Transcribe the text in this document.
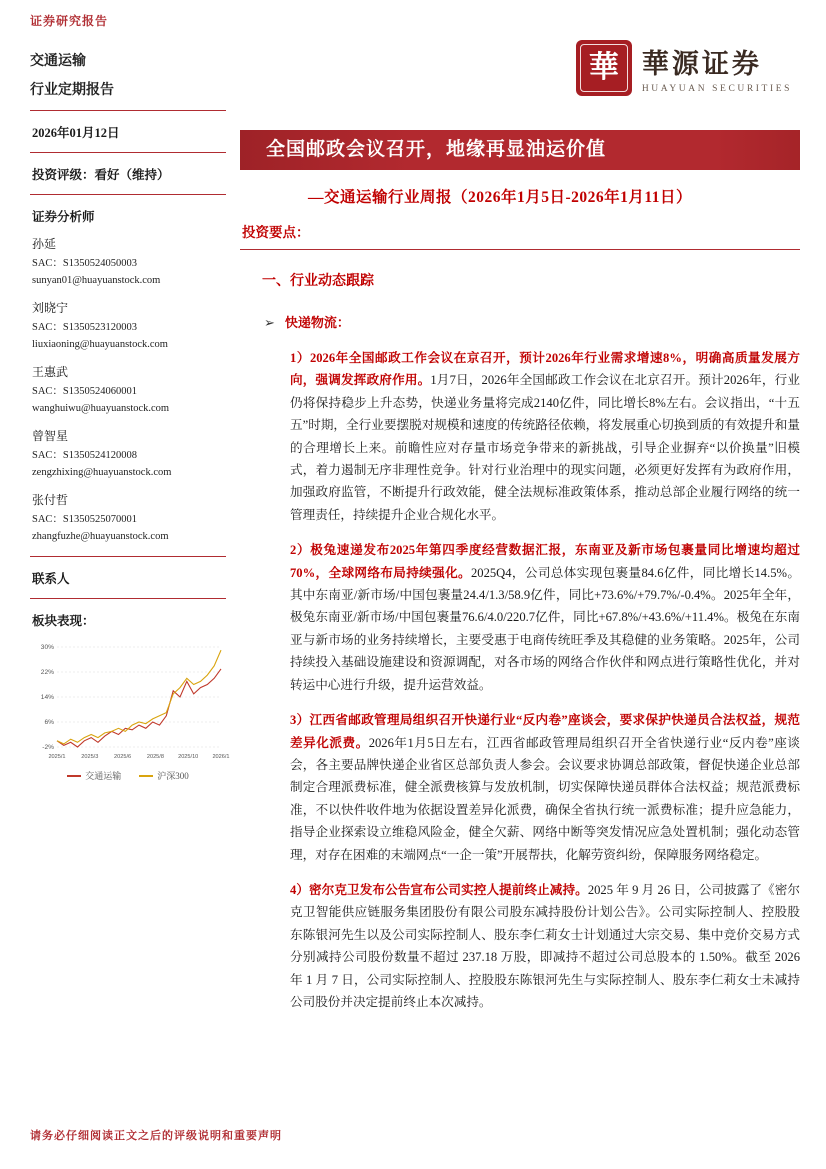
证券研究报告
華 華源证券
HUAYUAN SECURITIES
交通运输
行业定期报告
2026年01月12日
投资评级：看好（维持）
证券分析师
孙延
SAC：S1350524050003
sunyan01@huayuanstock.com
刘晓宁
SAC：S1350523120003
liuxiaoning@huayuanstock.com
王惠武
SAC：S1350524060001
wanghuiwu@huayuanstock.com
曾智星
SAC：S1350524120008
zengzhixing@huayuanstock.com
张付哲
SAC：S1350525070001
zhangfuzhe@huayuanstock.com
联系人
板块表现：
30%
22%
14%
6%
-2%
2025/1	2025/3	2025/6	2025/8	2025/10	2026/1
交通运输	沪深300
全国邮政会议召开，地缘再显油运价值
—交通运输行业周报（2026年1月5日-2026年1月11日）
投资要点：
一、行业动态跟踪
➢ 快递物流：

1）2026年全国邮政工作会议在京召开，预计2026年行业需求增速8%，明确高质量发展方向，强调发挥政府作用。1月7日，2026年全国邮政工作会议在北京召开。预计2026年，行业仍将保持稳步上升态势，快递业务量将完成2140亿件，同比增长8%左右。会议指出，“十五五”时期，全行业要摆脱对规模和速度的传统路径依赖，将发展重心切换到质的有效提升和量的合理增长上来。前瞻性应对存量市场竞争带来的新挑战，引导企业摒弃“以价换量”旧模式，着力遏制无序非理性竞争。针对行业治理中的现实问题，必须更好发挥有为政府作用，加强政府监管，不断提升行政效能，健全法规标准政策体系，推动总部企业履行网络的统一管理责任，持续提升企业合规化水平。

2）极兔速递发布2025年第四季度经营数据汇报，东南亚及新市场包裹量同比增速均超过70%，全球网络布局持续强化。2025Q4，公司总体实现包裹量84.6亿件，同比增长14.5%。其中东南亚/新市场/中国包裹量24.4/1.3/58.9亿件，同比+73.6%/+79.7%/-0.4%。2025年全年，极兔东南亚/新市场/中国包裹量76.6/4.0/220.7亿件，同比+67.8%/+43.6%/+11.4%。极兔在东南亚与新市场的业务持续增长，主要受惠于电商传统旺季及其稳健的业务策略。2025年，公司持续投入基础设施建设和资源调配，对各市场的网络合作伙伴和网点进行策略性优化，并对转运中心进行升级，提升运营效益。

3）江西省邮政管理局组织召开快递行业“反内卷”座谈会，要求保护快递员合法权益，规范差异化派费。2026年1月5日左右，江西省邮政管理局组织召开全省快递行业“反内卷”座谈会，各主要品牌快递企业省区总部负责人参会。会议要求协调总部政策，督促快递企业总部制定合理派费标准，健全派费核算与发放机制，切实保障快递员群体合法权益；规范派费标准，不以快件收件地为依据设置差异化派费，确保全省执行统一派费标准；提升应急能力，指导企业探索设立维稳风险金，健全欠薪、网络中断等突发情况应急处置机制；强化动态管理，对存在困难的末端网点“一企一策”开展帮扶，化解劳资纠纷，保障服务网络稳定。

4）密尔克卫发布公告宣布公司实控人提前终止减持。2025 年 9 月 26 日，公司披露了《密尔克卫智能供应链服务集团股份有限公司股东减持股份计划公告》。公司实际控制人、控股股东陈银河先生以及公司实际控制人、股东李仁莉女士计划通过大宗交易、集中竞价交易方式分别减持公司股份数量不超过 237.18 万股，即减持不超过公司总股本的 1.50%。截至 2026 年 1 月 7 日，公司实际控制人、控股股东陈银河先生与实际控制人、股东李仁莉女士未减持公司股份并决定提前终止本次减持。

请务必仔细阅读正文之后的评级说明和重要声明
